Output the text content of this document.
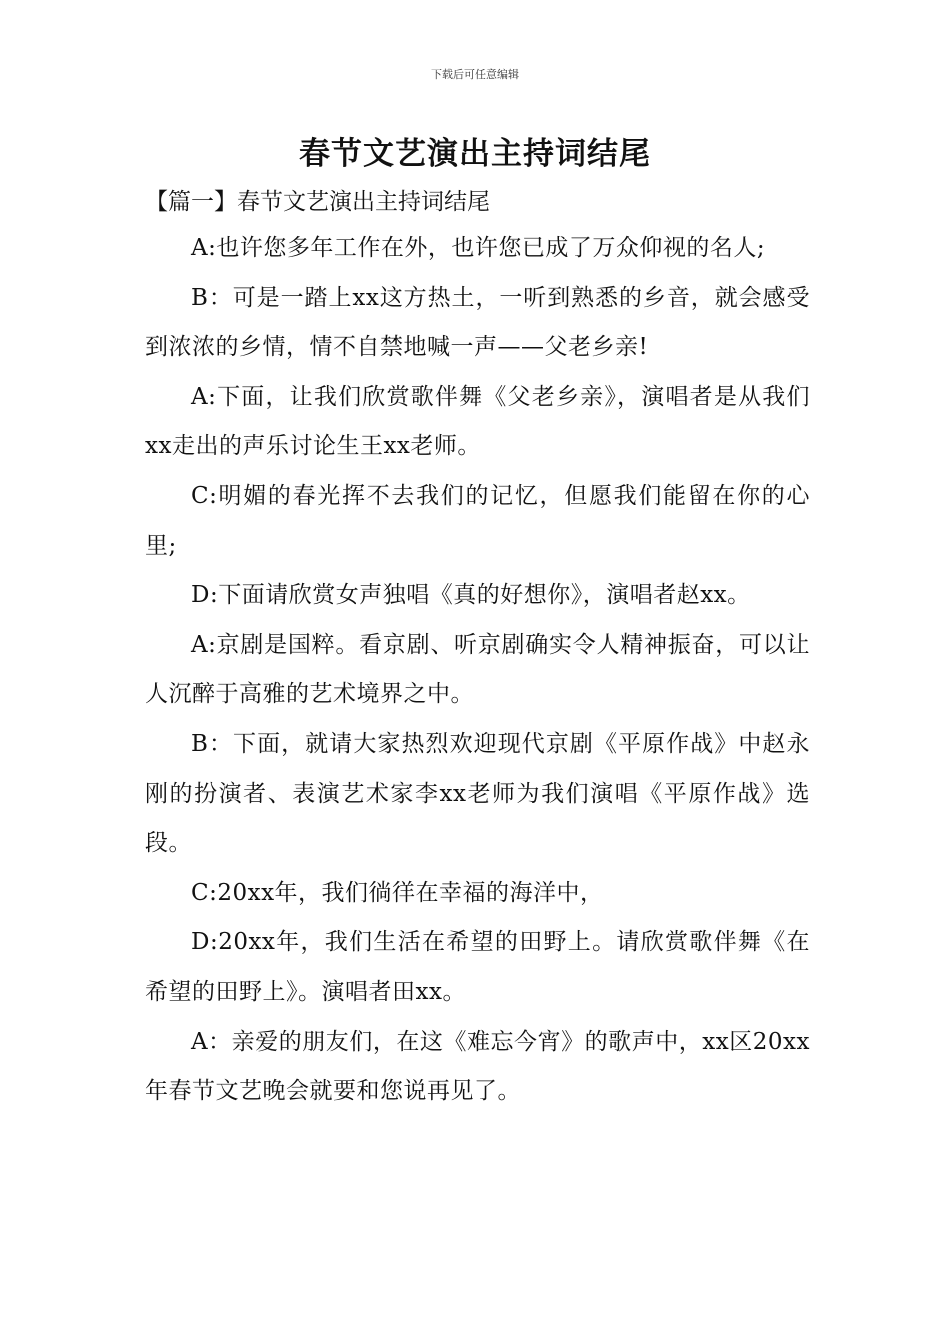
下载后可任意编辑
春节文艺演出主持词结尾
【篇一】春节文艺演出主持词结尾

A:也许您多年工作在外，也许您已成了万众仰视的名人;

B：可是一踏上xx这方热土，一听到熟悉的乡音，就会感受到浓浓的乡情，情不自禁地喊一声——父老乡亲!

A:下面，让我们欣赏歌伴舞《父老乡亲》，演唱者是从我们xx走出的声乐讨论生王xx老师。

C:明媚的春光挥不去我们的记忆，但愿我们能留在你的心里;

D:下面请欣赏女声独唱《真的好想你》，演唱者赵xx。

A:京剧是国粹。看京剧、听京剧确实令人精神振奋，可以让人沉醉于高雅的艺术境界之中。

B：下面，就请大家热烈欢迎现代京剧《平原作战》中赵永刚的扮演者、表演艺术家李xx老师为我们演唱《平原作战》选段。

C:20xx年，我们徜徉在幸福的海洋中，

D:20xx年，我们生活在希望的田野上。请欣赏歌伴舞《在希望的田野上》。演唱者田xx。

A：亲爱的朋友们，在这《难忘今宵》的歌声中，xx区20xx年春节文艺晚会就要和您说再见了。
